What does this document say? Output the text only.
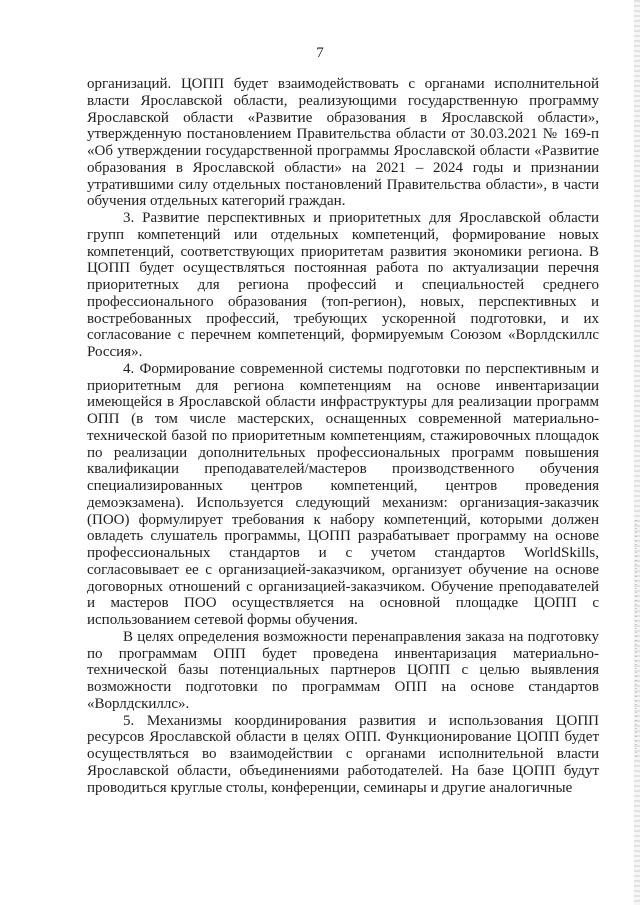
7

организаций. ЦОПП будет взаимодействовать с органами исполнительной власти Ярославской области, реализующими государственную программу Ярославской области «Развитие образования в Ярославской области», утвержденную постановлением Правительства области от 30.03.2021 № 169-п «Об утверждении государственной программы Ярославской области «Развитие образования в Ярославской области» на 2021 – 2024 годы и признании утратившими силу отдельных постановлений Правительства области», в части обучения отдельных категорий граждан.

3. Развитие перспективных и приоритетных для Ярославской области групп компетенций или отдельных компетенций, формирование новых компетенций, соответствующих приоритетам развития экономики региона. В ЦОПП будет осуществляться постоянная работа по актуализации перечня приоритетных для региона профессий и специальностей среднего профессионального образования (топ-регион), новых, перспективных и востребованных профессий, требующих ускоренной подготовки, и их согласование с перечнем компетенций, формируемым Союзом «Ворлдскиллс Россия».

4. Формирование современной системы подготовки по перспективным и приоритетным для региона компетенциям на основе инвентаризации имеющейся в Ярославской области инфраструктуры для реализации программ ОПП (в том числе мастерских, оснащенных современной материально-технической базой по приоритетным компетенциям, стажировочных площадок по реализации дополнительных профессиональных программ повышения квалификации преподавателей/мастеров производственного обучения специализированных центров компетенций, центров проведения демоэкзамена). Используется следующий механизм: организация-заказчик (ПОО) формулирует требования к набору компетенций, которыми должен овладеть слушатель программы, ЦОПП разрабатывает программу на основе профессиональных стандартов и с учетом стандартов WorldSkills, согласовывает ее с организацией-заказчиком, организует обучение на основе договорных отношений с организацией-заказчиком. Обучение преподавателей и мастеров ПОО осуществляется на основной площадке ЦОПП с использованием сетевой формы обучения.

В целях определения возможности перенаправления заказа на подготовку по программам ОПП будет проведена инвентаризация материально-технической базы потенциальных партнеров ЦОПП с целью выявления возможности подготовки по программам ОПП на основе стандартов «Ворлдскиллс».

5. Механизмы координирования развития и использования ЦОПП ресурсов Ярославской области в целях ОПП. Функционирование ЦОПП будет осуществляться во взаимодействии с органами исполнительной власти Ярославской области, объединениями работодателей. На базе ЦОПП будут проводиться круглые столы, конференции, семинары и другие аналогичные
